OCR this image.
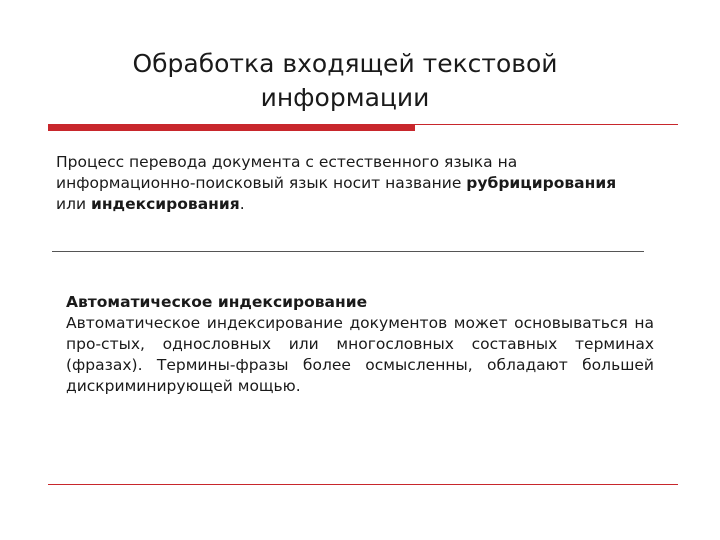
Обработка входящей текстовой
информации
Процесс перевода документа с естественного языка на информационно-поисковый язык носит название рубрицирования или индексирования.
Автоматическое индексирование
Автоматическое индексирование документов может основываться на про-стых, однословных или многословных составных терминах (фразах). Термины-фразы более осмысленны, обладают большей дискриминирующей мощью.
